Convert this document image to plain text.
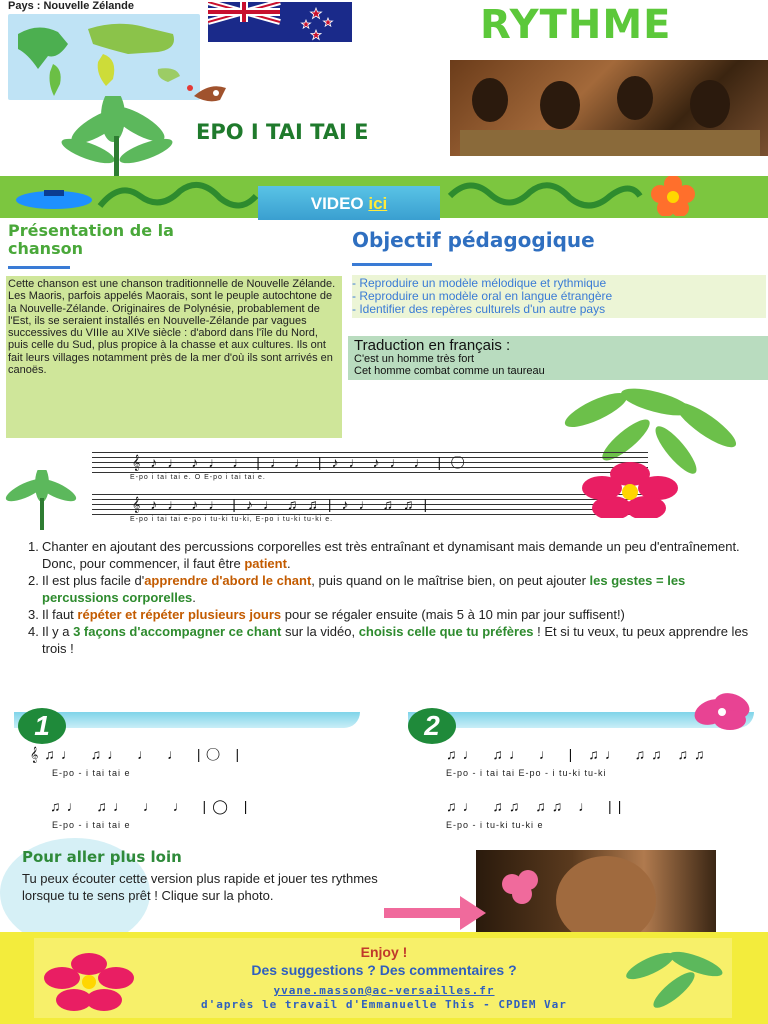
Pays : Nouvelle Zélande	RYTHME
EPO I TAI TAI E
VIDEO ici
Présentation de la chanson
Cette chanson est une chanson traditionnelle de Nouvelle Zélande. Les Maoris, parfois appelés Maorais, sont le peuple autochtone de la Nouvelle-Zélande. Originaires de Polynésie, probablement de l'Est, ils se seraient installés en Nouvelle-Zélande par vagues successives du VIIIe au XIVe siècle : d'abord dans l'île du Nord, puis celle du Sud, plus propice à la chasse et aux cultures. Ils ont fait leurs villages notamment près de la mer d'où ils sont arrivés en canoës.
Objectif pédagogique
- Reproduire un modèle mélodique et rythmique
- Reproduire un modèle oral en langue étrangère
- Identifier des repères culturels d'un autre pays
Traduction en français :
C'est un homme très fort
Cet homme combat comme un taureau
𝄞♪♩♪♩♩|♩♩|♪♩♪♩♩|◯
E-po i tai tai e. O E-po i tai tai e.
𝄞♪♩♪♩|♪♩♫♫|♪♩♫♫|
E-po i tai tai e-po i tu-ki tu-ki, E-po i tu-ki tu-ki e.
1. Chanter en ajoutant des percussions corporelles est très entraînant et dynamisant mais demande un peu d'entraînement. Donc, pour commencer, il faut être patient.
2. Il est plus facile d'apprendre d'abord le chant, puis quand on le maîtrise bien, on peut ajouter les gestes = les percussions corporelles.
3. Il faut répéter et répéter plusieurs jours pour se régaler ensuite (mais 5 à 10 min par jour suffisent!)
4. Il y a 3 façons d'accompagner ce chant sur la vidéo, choisis celle que tu préfères ! Et si tu veux, tu peux apprendre les trois !
1
𝄞♫♩ ♫♩ ♩ ♩ |◯ |
E-po - i tai tai e
♫♩ ♫♩ ♩ ♩ |◯ |
E-po - i tai tai e
2
♫♩ ♫♩ ♩ | ♫♩ ♫♫ ♫♫
E-po - i tai tai E-po - i tu-ki tu-ki
♫♩ ♫♫ ♫♫ ♩ ||
E-po - i tu-ki tu-ki e
Pour aller plus loin
Tu peux écouter cette version plus rapide et jouer tes rythmes lorsque tu te sens prêt ! Clique sur la photo.
Enjoy !
Des suggestions ? Des commentaires ?
yvane.masson@ac-versailles.fr
d'après le travail d'Emmanuelle This - CPDEM Var
